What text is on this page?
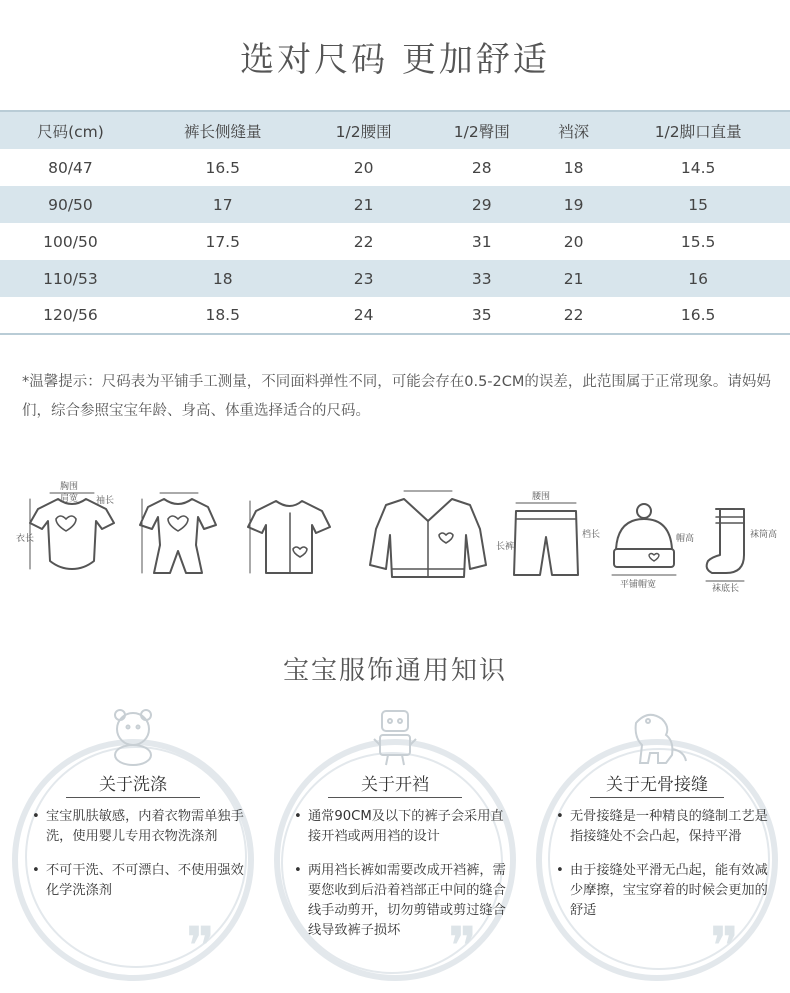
选对尺码 更加舒适
尺码(cm)	裤长侧缝量	1/2腰围	1/2臀围	裆深	1/2脚口直量
80/47	16.5	20	28	18	14.5
90/50	17	21	29	19	15
100/50	17.5	22	31	20	15.5
110/53	18	23	33	21	16
120/56	18.5	24	35	22	16.5
*温馨提示：尺码表为平铺手工测量，不同面料弹性不同，可能会存在0.5-2CM的误差，此范围属于正常现象。请妈妈们，综合参照宝宝年龄、身高、体重选择适合的尺码。
胸围
肩宽 袖长
衣长
腰围
长裤
档长
平铺帽宽
帽高
袜底长
袜筒高
宝宝服饰通用知识
关于洗涤
• 宝宝肌肤敏感，内着衣物需单独手洗，使用婴儿专用衣物洗涤剂
• 不可干洗、不可漂白、不使用强效化学洗涤剂
❞
关于开裆
• 通常90CM及以下的裤子会采用直接开裆或两用裆的设计
• 两用裆长裤如需要改成开裆裤，需要您收到后沿着裆部正中间的缝合线手动剪开，切勿剪错或剪过缝合线导致裤子损坏 ❞
关于无骨接缝
• 无骨接缝是一种精良的缝制工艺是指接缝处不会凸起，保持平滑
• 由于接缝处平滑无凸起，能有效减少摩擦，宝宝穿着的时候会更加的舒适
❞
